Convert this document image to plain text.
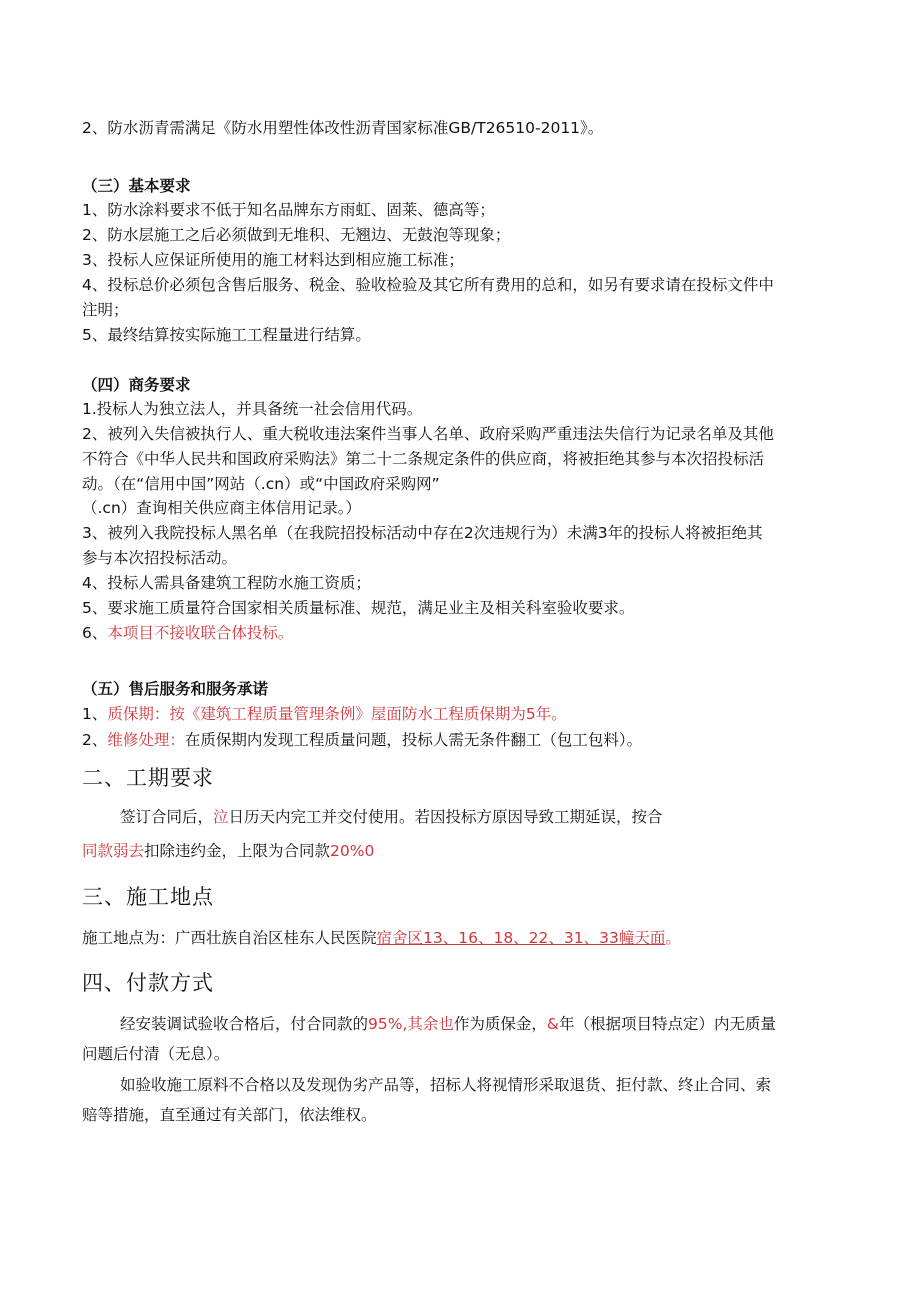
2、防水沥青需满足《防水用塑性体改性沥青国家标准GB/T26510-2011》。
（三）基本要求
1、防水涂料要求不低于知名品牌东方雨虹、固莱、德高等；
2、防水层施工之后必须做到无堆积、无翘边、无鼓泡等现象；
3、投标人应保证所使用的施工材料达到相应施工标准；
4、投标总价必须包含售后服务、税金、验收检验及其它所有费用的总和，如另有要求请在投标文件中
注明；
5、最终结算按实际施工工程量进行结算。
（四）商务要求
1.投标人为独立法人，并具备统一社会信用代码。
2、被列入失信被执行人、重大税收违法案件当事人名单、政府采购严重违法失信行为记录名单及其他
不符合《中华人民共和国政府采购法》第二十二条规定条件的供应商，将被拒绝其参与本次招投标活
动。（在“信用中国”网站（.cn）或“中国政府采购网”
（.cn）查询相关供应商主体信用记录。）
3、被列入我院投标人黑名单（在我院招投标活动中存在2次违规行为）未满3年的投标人将被拒绝其
参与本次招投标活动。
4、投标人需具备建筑工程防水施工资质；
5、要求施工质量符合国家相关质量标准、规范，满足业主及相关科室验收要求。
6、本项目不接收联合体投标。
（五）售后服务和服务承诺
1、质保期：按《建筑工程质量管理条例》屋面防水工程质保期为5年。
2、维修处理：在质保期内发现工程质量问题，投标人需无条件翻工（包工包料）。
二、工期要求
签订合同后，泣日历天内完工并交付使用。若因投标方原因导致工期延误，按合
同款弱去扣除违约金，上限为合同款20%0
三、施工地点
施工地点为：广西壮族自治区桂东人民医院宿舍区13、16、18、22、31、33幢天面。
四、付款方式
经安装调试验收合格后，付合同款的95%,其余也作为质保金，&年（根据项目特点定）内无质量
问题后付清（无息）。
如验收施工原料不合格以及发现伪劣产品等，招标人将视情形采取退货、拒付款、终止合同、索
赔等措施，直至通过有关部门，依法维权。
